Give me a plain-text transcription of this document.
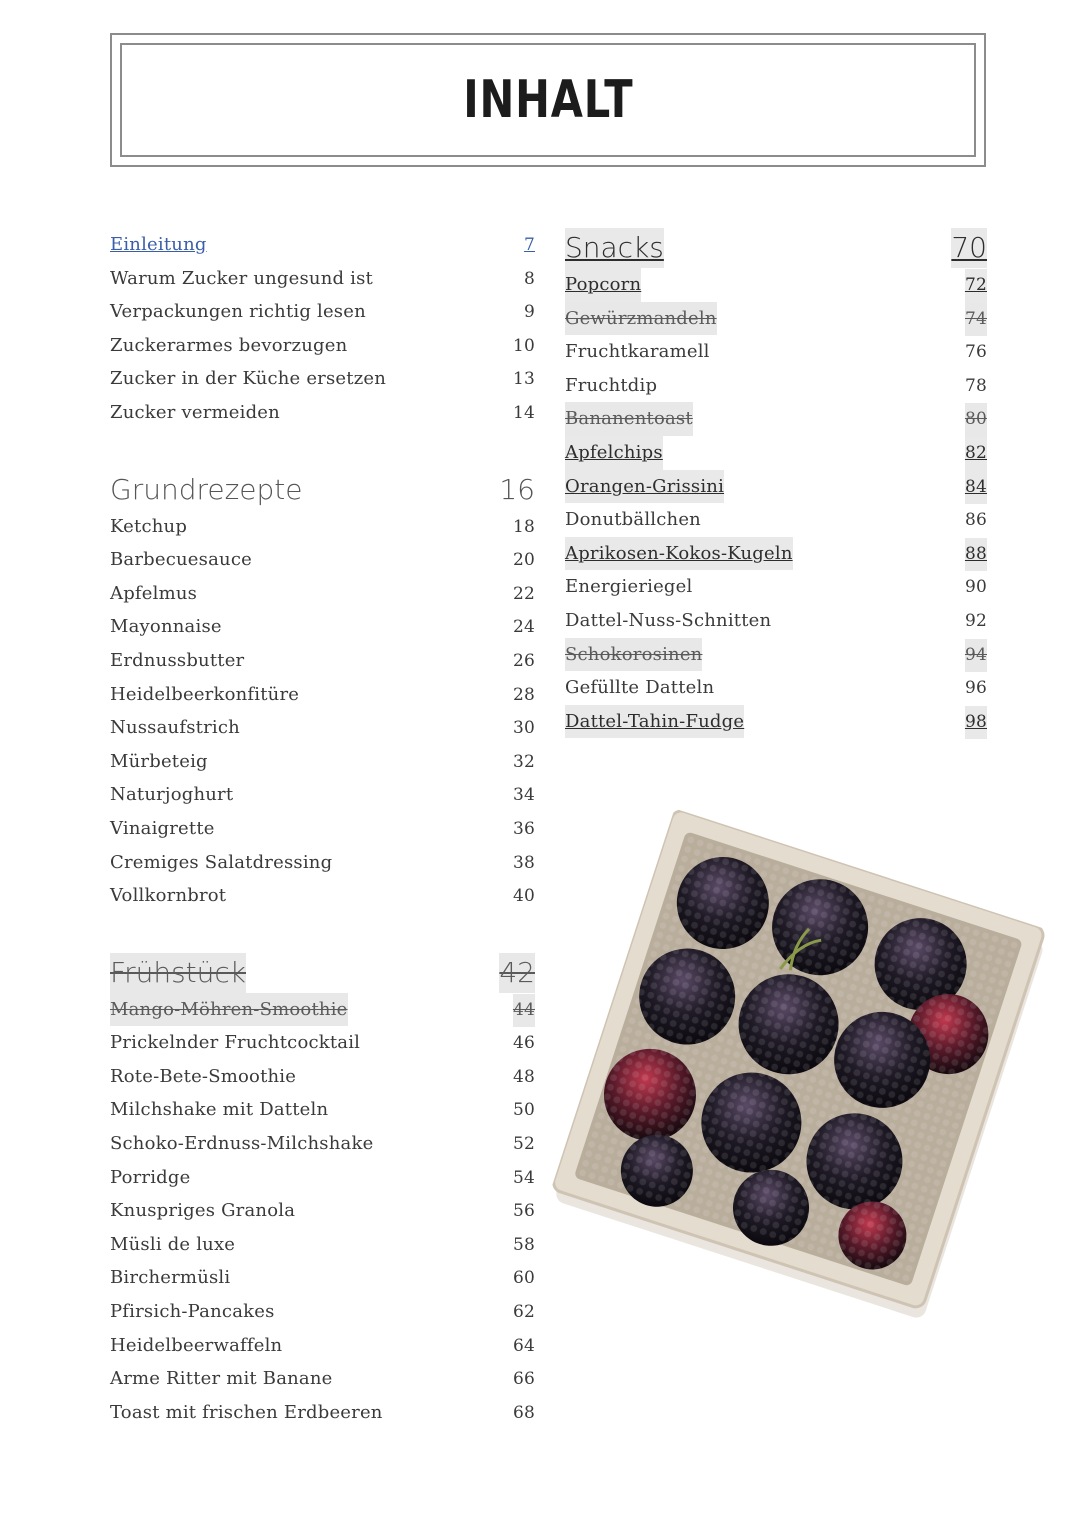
INHALT
Einleitung	7
Warum Zucker ungesund ist	8
Verpackungen richtig lesen	9
Zuckerarmes bevorzugen	10
Zucker in der Küche ersetzen	13
Zucker vermeiden	14
Grundrezepte	16
Ketchup	18
Barbecuesauce	20
Apfelmus	22
Mayonnaise	24
Erdnussbutter	26
Heidelbeerkonfitüre	28
Nussaufstrich	30
Mürbeteig	32
Naturjoghurt	34
Vinaigrette	36
Cremiges Salatdressing	38
Vollkornbrot	40
Frühstück	42
Mango-Möhren-Smoothie	44
Prickelnder Fruchtcocktail	46
Rote-Bete-Smoothie	48
Milchshake mit Datteln	50
Schoko-Erdnuss-Milchshake	52
Porridge	54
Knuspriges Granola	56
Müsli de luxe	58
Birchermüsli	60
Pfirsich-Pancakes	62
Heidelbeerwaffeln	64
Arme Ritter mit Banane	66
Toast mit frischen Erdbeeren	68
Snacks	70
Popcorn	72
Gewürzmandeln	74
Fruchtkaramell	76
Fruchtdip	78
Bananentoast	80
Apfelchips	82
Orangen-Grissini	84
Donutbällchen	86
Aprikosen-Kokos-Kugeln	88
Energieriegel	90
Dattel-Nuss-Schnitten	92
Schokorosinen	94
Gefüllte Datteln	96
Dattel-Tahin-Fudge	98
